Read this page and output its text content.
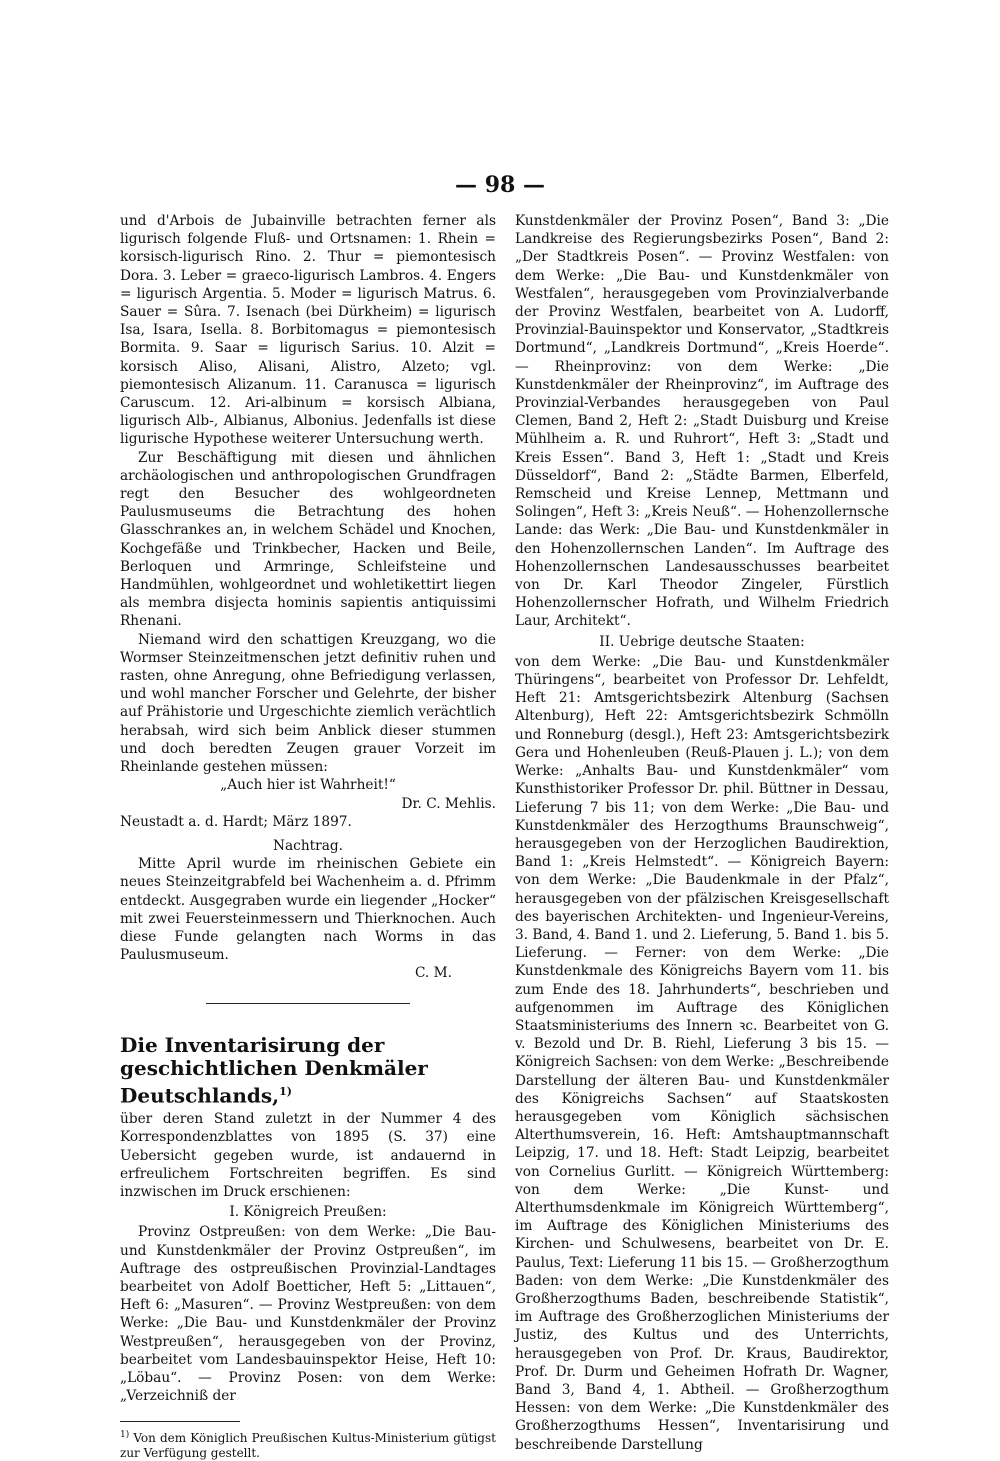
— 98 —

und d'Arbois de Jubainville betrachten ferner als ligurisch folgende Fluß- und Ortsnamen: 1. Rhein = korsisch-ligurisch Rino. 2. Thur = piemontesisch Dora. 3. Leber = graeco-ligurisch Lambros. 4. Engers = ligurisch Argentia. 5. Moder = ligurisch Matrus. 6. Sauer = Sûra. 7. Isenach (bei Dürkheim) = ligurisch Isa, Isara, Isella. 8. Borbitomagus = piemontesisch Bormita. 9. Saar = ligurisch Sarius. 10. Alzit = korsisch Aliso, Alisani, Alistro, Alzeto; vgl. piemontesisch Alizanum. 11. Caranusca = ligurisch Caruscum. 12. Ari-albinum = korsisch Albiana, ligurisch Alb-, Albianus, Albonius. Jedenfalls ist diese ligurische Hypothese weiterer Untersuchung werth.

Zur Beschäftigung mit diesen und ähnlichen archäologischen und anthropologischen Grundfragen regt den Besucher des wohlgeordneten Paulusmuseums die Betrachtung des hohen Glasschrankes an, in welchem Schädel und Knochen, Kochgefäße und Trinkbecher, Hacken und Beile, Berloquen und Armringe, Schleifsteine und Handmühlen, wohlgeordnet und wohletikettirt liegen als membra disjecta hominis sapientis antiquissimi Rhenani.

Niemand wird den schattigen Kreuzgang, wo die Wormser Steinzeitmenschen jetzt definitiv ruhen und rasten, ohne Anregung, ohne Befriedigung verlassen, und wohl mancher Forscher und Gelehrte, der bisher auf Prähistorie und Urgeschichte ziemlich verächtlich herabsah, wird sich beim Anblick dieser stummen und doch beredten Zeugen grauer Vorzeit im Rheinlande gestehen müssen:

„Auch hier ist Wahrheit!“

Dr. C. Mehlis.

Neustadt a. d. Hardt; März 1897.

Nachtrag.

Mitte April wurde im rheinischen Gebiete ein neues Steinzeitgrabfeld bei Wachenheim a. d. Pfrimm entdeckt. Ausgegraben wurde ein liegender „Hocker“ mit zwei Feuersteinmessern und Thierknochen. Auch diese Funde gelangten nach Worms in das Paulusmuseum.

C. M.

Die Inventarisirung der geschichtlichen Denkmäler Deutschlands,$^{1)}$

über deren Stand zuletzt in der Nummer 4 des Korrespondenzblattes von 1895 (S. 37) eine Uebersicht gegeben wurde, ist andauernd in erfreulichem Fortschreiten begriffen. Es sind inzwischen im Druck erschienen:

I. Königreich Preußen:

Provinz Ostpreußen: von dem Werke: „Die Bau- und Kunstdenkmäler der Provinz Ostpreußen“, im Auftrage des ostpreußischen Provinzial-Landtages bearbeitet von Adolf Boetticher, Heft 5: „Littauen“, Heft 6: „Masuren“. — Provinz Westpreußen: von dem Werke: „Die Bau- und Kunstdenkmäler der Provinz Westpreußen“, herausgegeben von der Provinz, bearbeitet vom Landesbauinspektor Heise, Heft 10: „Löbau“. — Provinz Posen: von dem Werke: „Verzeichniß der

$^{1)}$ Von dem Königlich Preußischen Kultus-Ministerium gütigst zur Verfügung gestellt.

Kunstdenkmäler der Provinz Posen“, Band 3: „Die Landkreise des Regierungsbezirks Posen“, Band 2: „Der Stadtkreis Posen“. — Provinz Westfalen: von dem Werke: „Die Bau- und Kunstdenkmäler von Westfalen“, herausgegeben vom Provinzialverbande der Provinz Westfalen, bearbeitet von A. Ludorff, Provinzial-Bauinspektor und Konservator, „Stadtkreis Dortmund“, „Landkreis Dortmund“, „Kreis Hoerde“. — Rheinprovinz: von dem Werke: „Die Kunstdenkmäler der Rheinprovinz“, im Auftrage des Provinzial-Verbandes herausgegeben von Paul Clemen, Band 2, Heft 2: „Stadt Duisburg und Kreise Mühlheim a. R. und Ruhrort“, Heft 3: „Stadt und Kreis Essen“. Band 3, Heft 1: „Stadt und Kreis Düsseldorf“, Band 2: „Städte Barmen, Elberfeld, Remscheid und Kreise Lennep, Mettmann und Solingen“, Heft 3: „Kreis Neuß“. — Hohenzollernsche Lande: das Werk: „Die Bau- und Kunstdenkmäler in den Hohenzollernschen Landen“. Im Auftrage des Hohenzollernschen Landesausschusses bearbeitet von Dr. Karl Theodor Zingeler, Fürstlich Hohenzollernscher Hofrath, und Wilhelm Friedrich Laur, Architekt“.

II. Uebrige deutsche Staaten:

von dem Werke: „Die Bau- und Kunstdenkmäler Thüringens“, bearbeitet von Professor Dr. Lehfeldt, Heft 21: Amtsgerichtsbezirk Altenburg (Sachsen Altenburg), Heft 22: Amtsgerichtsbezirk Schmölln und Ronneburg (desgl.), Heft 23: Amtsgerichtsbezirk Gera und Hohenleuben (Reuß-Plauen j. L.); von dem Werke: „Anhalts Bau- und Kunstdenkmäler“ vom Kunsthistoriker Professor Dr. phil. Büttner in Dessau, Lieferung 7 bis 11; von dem Werke: „Die Bau- und Kunstdenkmäler des Herzogthums Braunschweig“, herausgegeben von der Herzoglichen Baudirektion, Band 1: „Kreis Helmstedt“. — Königreich Bayern: von dem Werke: „Die Baudenkmale in der Pfalz“, herausgegeben von der pfälzischen Kreisgesellschaft des bayerischen Architekten- und Ingenieur-Vereins, 3. Band, 4. Band 1. und 2. Lieferung, 5. Band 1. bis 5. Lieferung. — Ferner: von dem Werke: „Die Kunstdenkmale des Königreichs Bayern vom 11. bis zum Ende des 18. Jahrhunderts“, beschrieben und aufgenommen im Auftrage des Königlichen Staatsministeriums des Innern ꝛc. Bearbeitet von G. v. Bezold und Dr. B. Riehl, Lieferung 3 bis 15. — Königreich Sachsen: von dem Werke: „Beschreibende Darstellung der älteren Bau- und Kunstdenkmäler des Königreichs Sachsen“ auf Staatskosten herausgegeben vom Königlich sächsischen Alterthumsverein, 16. Heft: Amtshauptmannschaft Leipzig, 17. und 18. Heft: Stadt Leipzig, bearbeitet von Cornelius Gurlitt. — Königreich Württemberg: von dem Werke: „Die Kunst- und Alterthumsdenkmale im Königreich Württemberg“, im Auftrage des Königlichen Ministeriums des Kirchen- und Schulwesens, bearbeitet von Dr. E. Paulus, Text: Lieferung 11 bis 15. — Großherzogthum Baden: von dem Werke: „Die Kunstdenkmäler des Großherzogthums Baden, beschreibende Statistik“, im Auftrage des Großherzoglichen Ministeriums der Justiz, des Kultus und des Unterrichts, herausgegeben von Prof. Dr. Kraus, Baudirektor, Prof. Dr. Durm und Geheimen Hofrath Dr. Wagner, Band 3, Band 4, 1. Abtheil. — Großherzogthum Hessen: von dem Werke: „Die Kunstdenkmäler des Großherzogthums Hessen“, Inventarisirung und beschreibende Darstellung
